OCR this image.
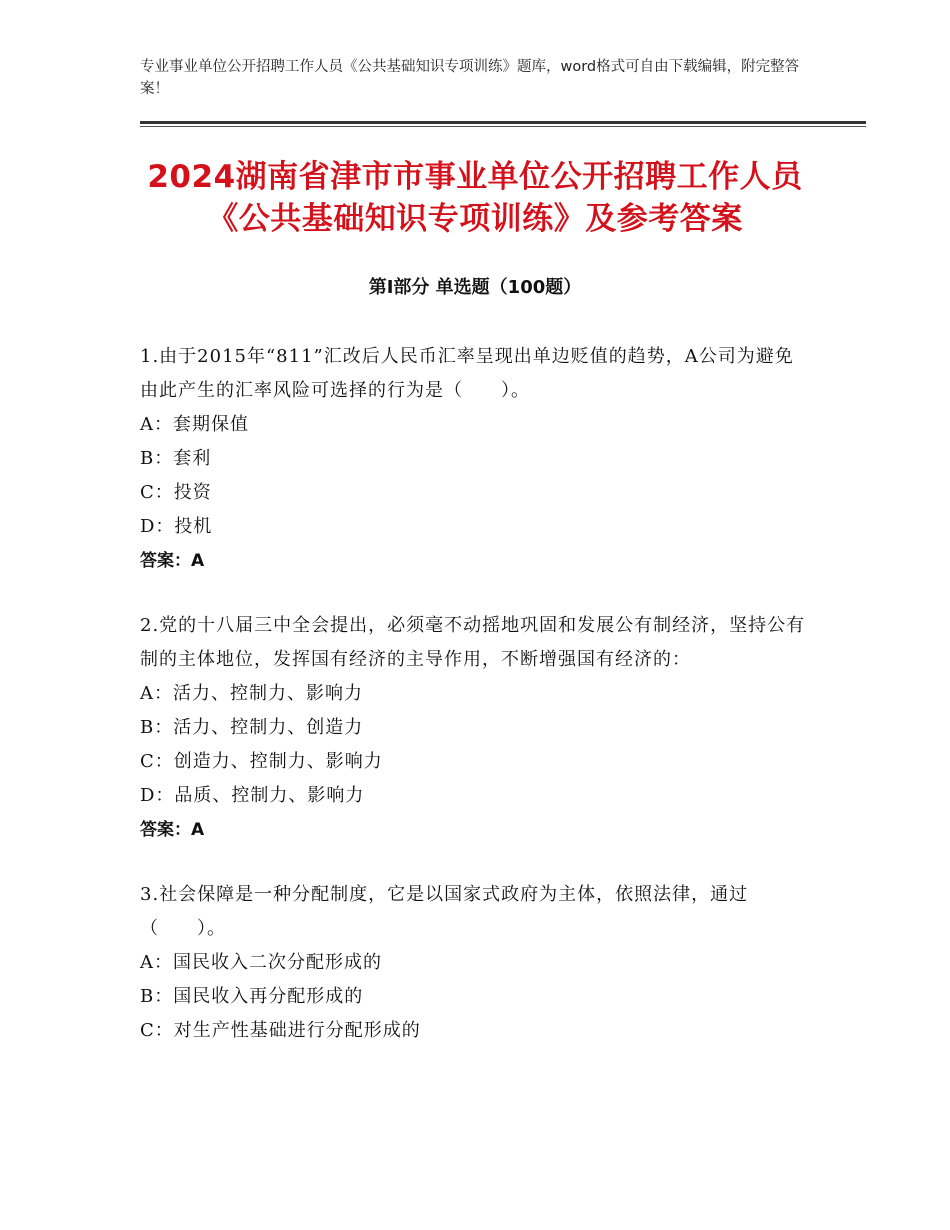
专业事业单位公开招聘工作人员《公共基础知识专项训练》题库，word格式可自由下载编辑，附完整答案！
2024湖南省津市市事业单位公开招聘工作人员《公共基础知识专项训练》及参考答案
第Ⅰ部分 单选题（100题）
1.由于2015年“811”汇改后人民币汇率呈现出单边贬值的趋势，A公司为避免由此产生的汇率风险可选择的行为是（　　）。
A：套期保值
B：套利
C：投资
D：投机
答案：A
2.党的十八届三中全会提出，必须毫不动摇地巩固和发展公有制经济，坚持公有制的主体地位，发挥国有经济的主导作用，不断增强国有经济的：
A：活力、控制力、影响力
B：活力、控制力、创造力
C：创造力、控制力、影响力
D：品质、控制力、影响力
答案：A
3.社会保障是一种分配制度，它是以国家式政府为主体，依照法律，通过（　　）。
A：国民收入二次分配形成的
B：国民收入再分配形成的
C：对生产性基础进行分配形成的
